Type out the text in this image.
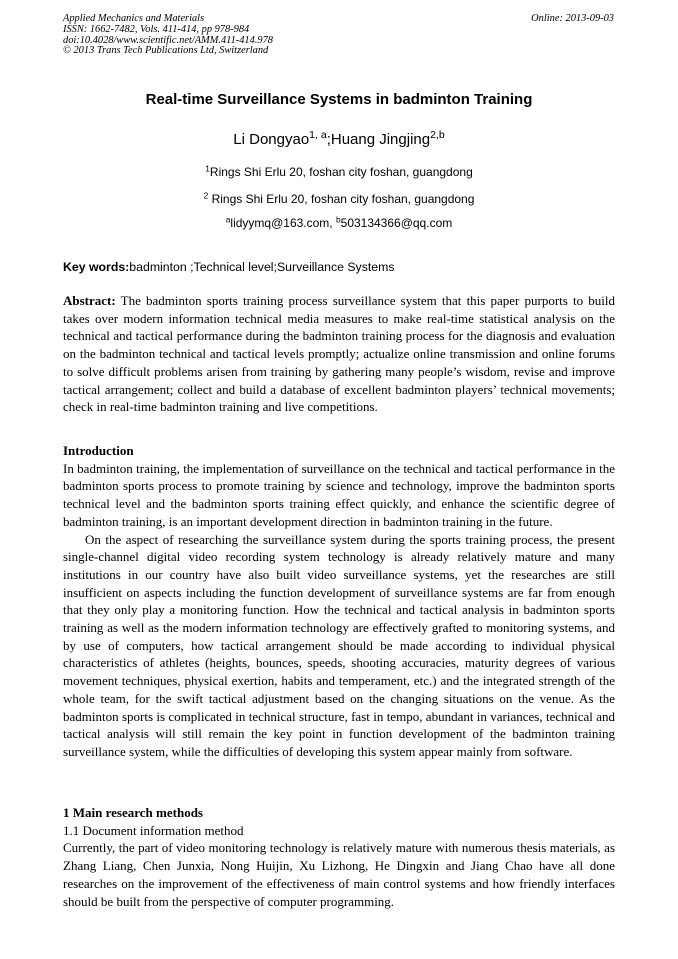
Applied Mechanics and Materials
ISSN: 1662-7482, Vols. 411-414, pp 978-984
doi:10.4028/www.scientific.net/AMM.411-414.978
© 2013 Trans Tech Publications Ltd, Switzerland
Online: 2013-09-03
Real-time Surveillance Systems in badminton Training
Li Dongyao$^{1, a}$;Huang Jingjing$^{2,b}$
$^1$Rings Shi Erlu 20, foshan city foshan, guangdong
$^2$ Rings Shi Erlu 20, foshan city foshan, guangdong
$^a$lidyymq@163.com, $^b$503134366@qq.com
Key words:badminton ;Technical level;Surveillance Systems

Abstract: The badminton sports training process surveillance system that this paper purports to build takes over modern information technical media measures to make real-time statistical analysis on the technical and tactical performance during the badminton training process for the diagnosis and evaluation on the badminton technical and tactical levels promptly; actualize online transmission and online forums to solve difficult problems arisen from training by gathering many people’s wisdom, revise and improve tactical arrangement; collect and build a database of excellent badminton players’ technical movements; check in real-time badminton training and live competitions.

Introduction

In badminton training, the implementation of surveillance on the technical and tactical performance in the badminton sports process to promote training by science and technology, improve the badminton sports technical level and the badminton sports training effect quickly, and enhance the scientific degree of badminton training, is an important development direction in badminton training in the future.

On the aspect of researching the surveillance system during the sports training process, the present single-channel digital video recording system technology is already relatively mature and many institutions in our country have also built video surveillance systems, yet the researches are still insufficient on aspects including the function development of surveillance systems are far from enough that they only play a monitoring function. How the technical and tactical analysis in badminton sports training as well as the modern information technology are effectively grafted to monitoring systems, and by use of computers, how tactical arrangement should be made according to individual physical characteristics of athletes (heights, bounces, speeds, shooting accuracies, maturity degrees of various movement techniques, physical exertion, habits and temperament, etc.) and the integrated strength of the whole team, for the swift tactical adjustment based on the changing situations on the venue. As the badminton sports is complicated in technical structure, fast in tempo, abundant in variances, technical and tactical analysis will still remain the key point in function development of the badminton training surveillance system, while the difficulties of developing this system appear mainly from software.

1 Main research methods

1.1 Document information method

Currently, the part of video monitoring technology is relatively mature with numerous thesis materials, as Zhang Liang, Chen Junxia, Nong Huijin, Xu Lizhong, He Dingxin and Jiang Chao have all done researches on the improvement of the effectiveness of main control systems and how friendly interfaces should be built from the perspective of computer programming.
